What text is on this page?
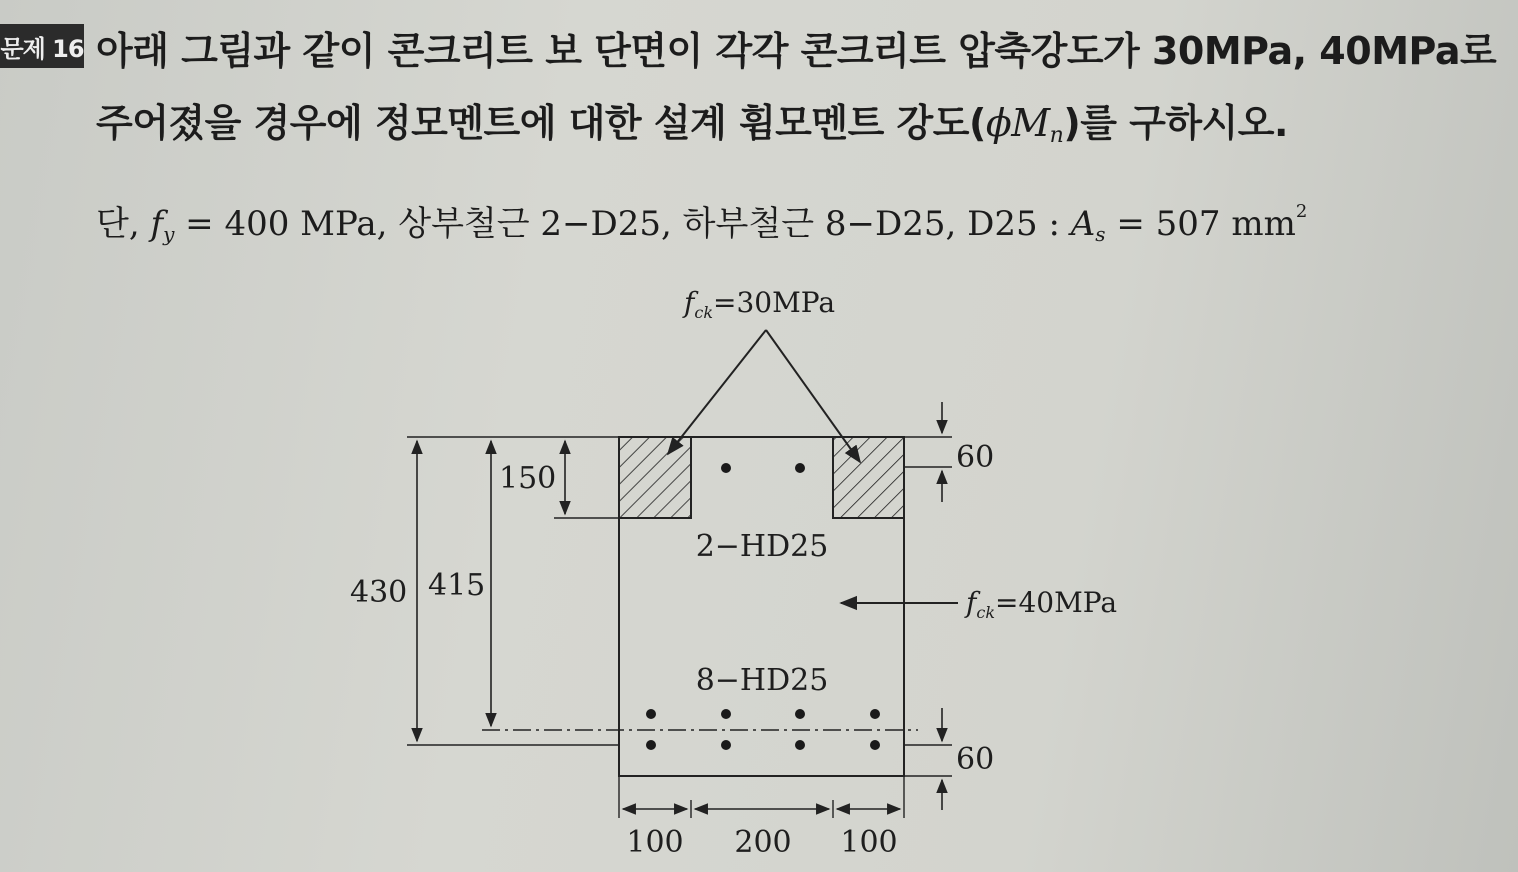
문제 16 아래 그림과 같이 콘크리트 보 단면이 각각 콘크리트 압축강도가 30MPa, 40MPa로
주어졌을 경우에 정모멘트에 대한 설계 휨모멘트 강도$(\phi M_n)$를 구하시오.
단, $f_y = 400$ MPa, 상부철근 2−D25, 하부철근 8−D25, D25 : $A_s = 507$ $mm^2$
$f_{ck}=30MPa$
$f_{ck}=40MPa$
2−HD25
8−HD25
430 415
150
60
60
100 200 100
